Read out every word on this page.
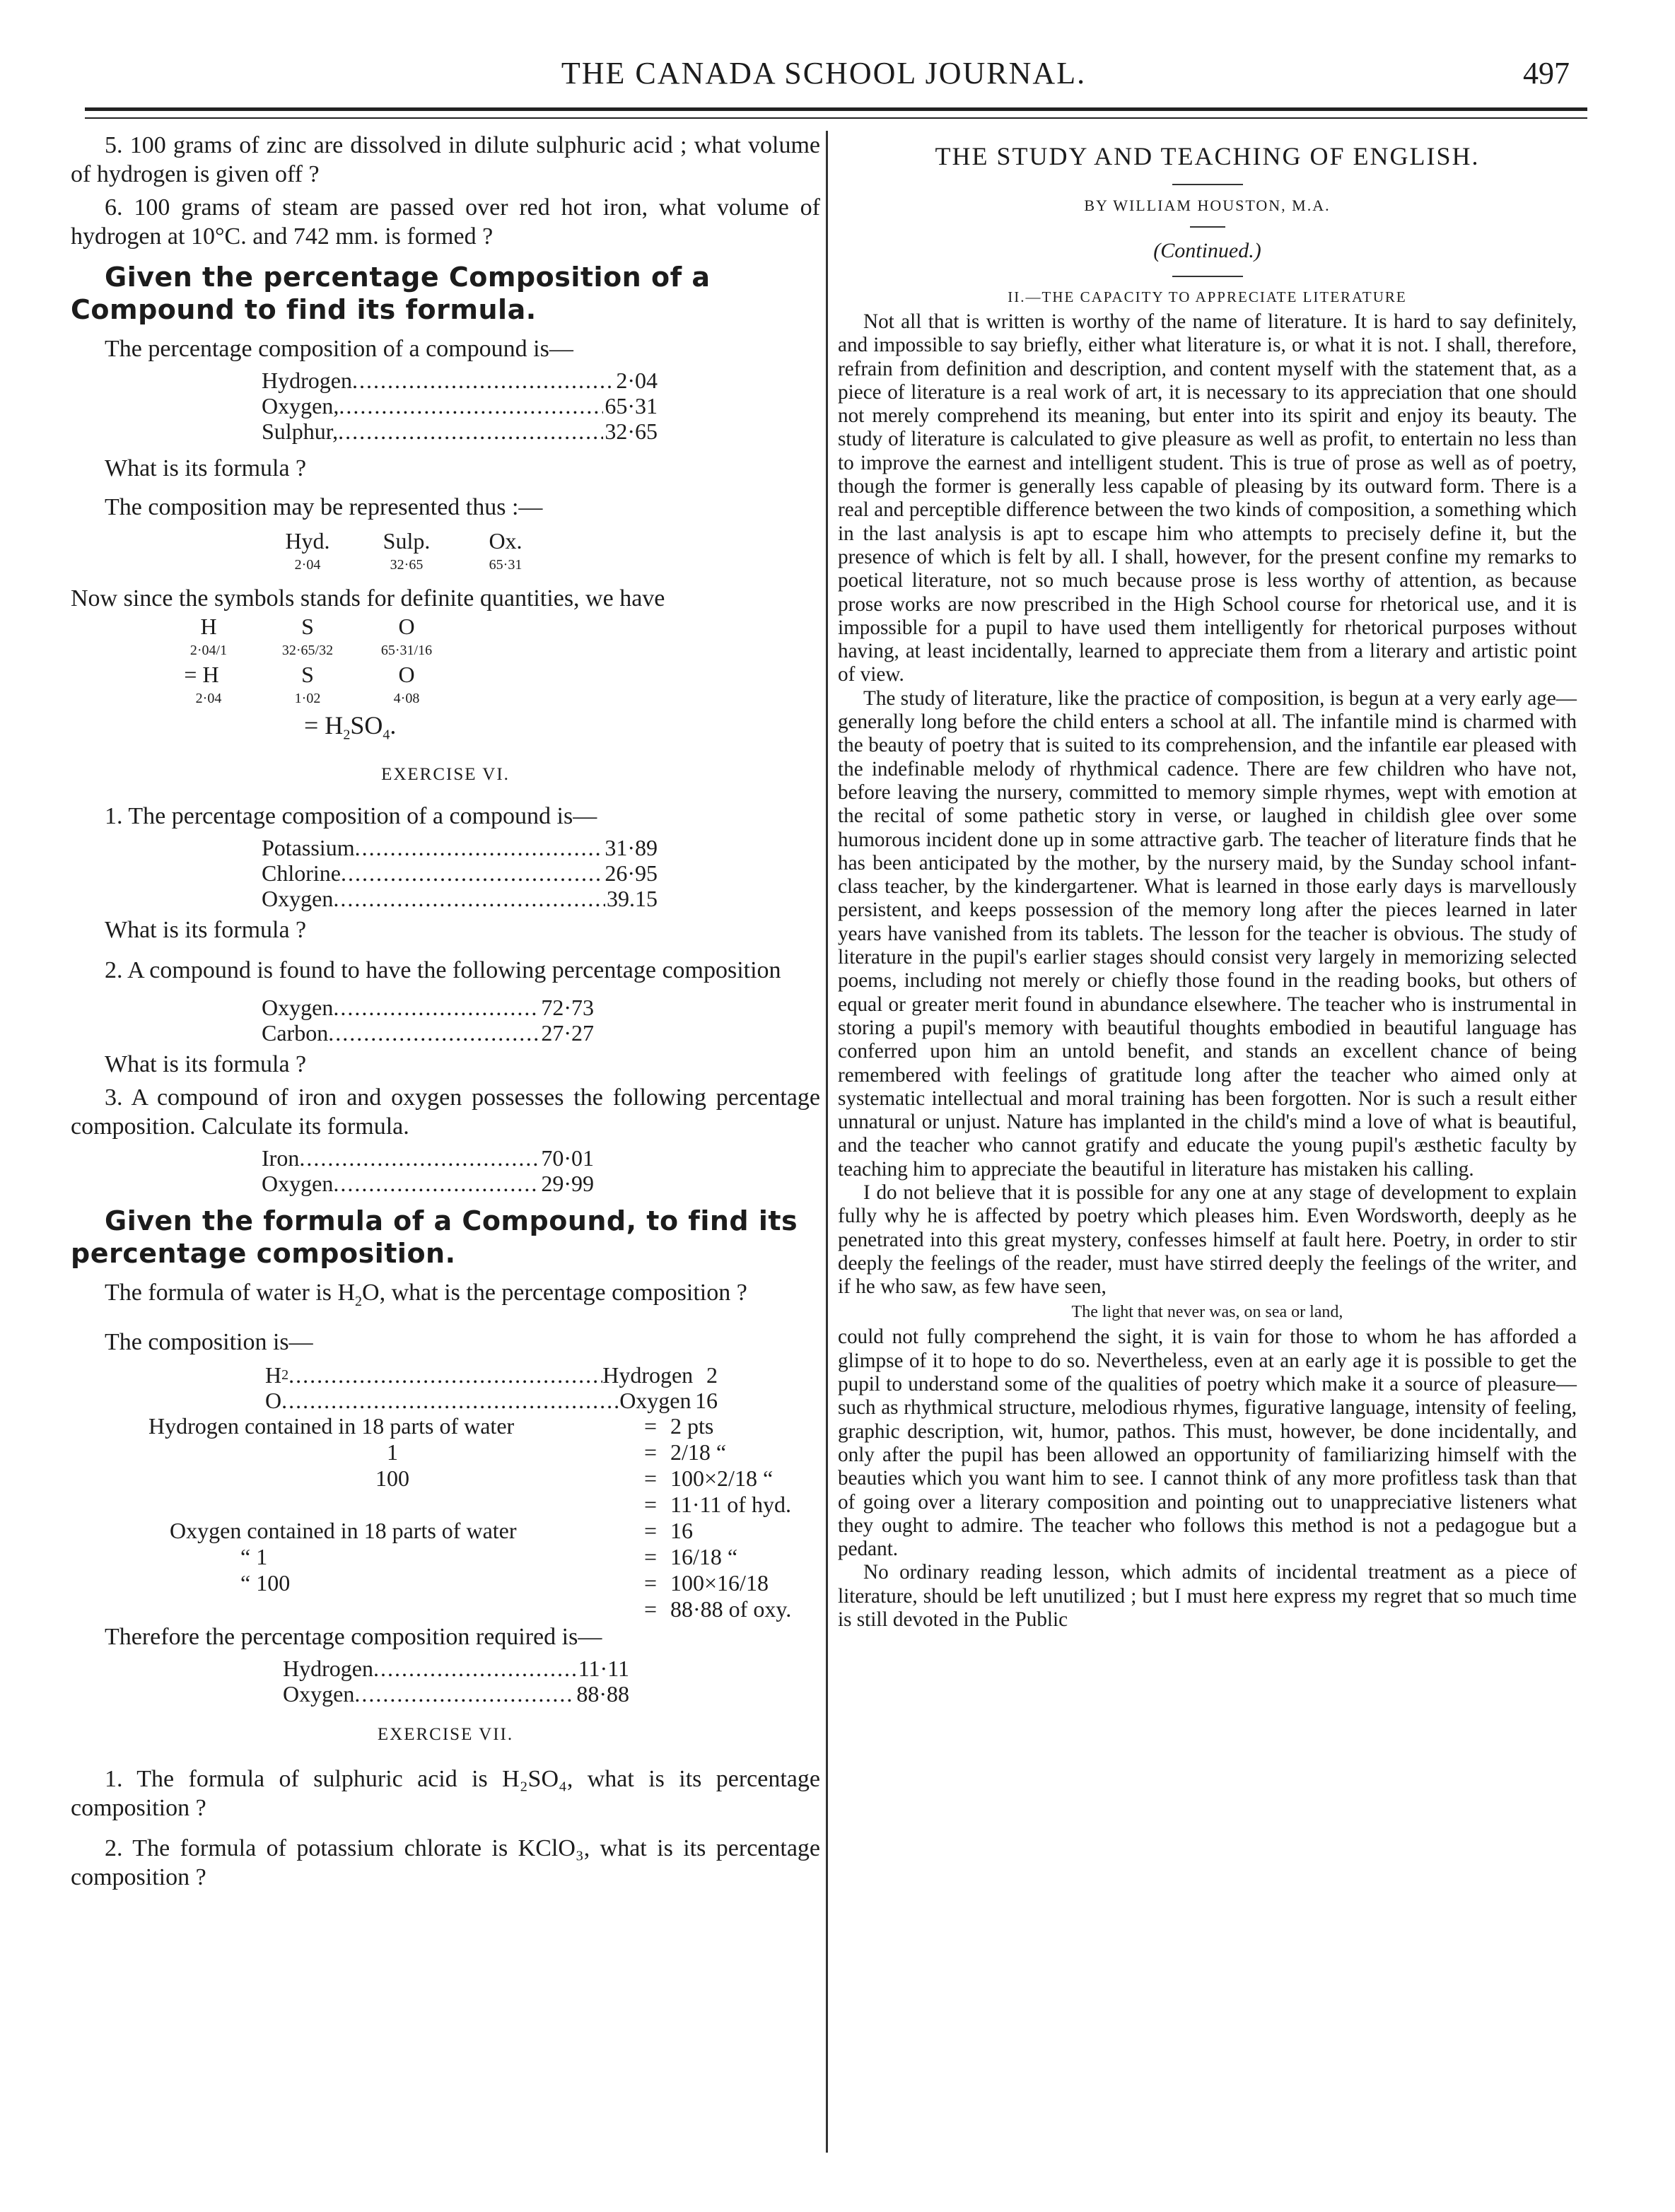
THE CANADA SCHOOL JOURNAL.	497

5. 100 grams of zinc are dissolved in dilute sulphuric acid ; what volume of hydrogen is given off ?

6. 100 grams of steam are passed over red hot iron, what volume of hydrogen at 10°C. and 742 mm. is formed ?

Given the percentage Composition of a Compound to find its formula.

The percentage composition of a compound is—

Hydrogen .....	2·04
Oxygen, .....	65·31
Sulphur, .....	32·65

What is its formula ?

The composition may be represented thus :—

Hyd.	Sulp.	Ox.
2·04	32·65	65·31

Now since the symbols stands for definite quantities, we have

H	S	O
2·04/1	32·65/32	65·31/16
= H	S	O
2·04	1·02	4·08
= $H_2SO_4$.
EXERCISE VI.

1. The percentage composition of a compound is—

Potassium .....	31·89
Chlorine .....	26·95
Oxygen .....	39.15

What is its formula ?

2. A compound is found to have the following percentage composition

Oxygen .....	72·73
Carbon .....	27·27

What is its formula ?

3. A compound of iron and oxygen possesses the following percentage composition. Calculate its formula.

Iron .....	70·01
Oxygen .....	29·99
Given the formula of a Compound, to find its percentage composition.

The formula of water is $H_2O$, what is the percentage composition ?

The composition is—

H 2 .....	Hydrogen 2
O .....	Oxygen 16
Hydrogen contained in 18 parts of water	= 2 pts
1	= 2/18 “
100	= 100×2/18 “
= 11·11 of hyd.
Oxygen contained in 18 parts of water	= 16
“ 1	= 16/18 “
“ 100	= 100×16/18
= 88·88 of oxy.

Therefore the percentage composition required is—

Hydrogen .....	11·11
Oxygen .....	88·88
EXERCISE VII.

1. The formula of sulphuric acid is H₂SO₄, what is its percentage composition ?

2. The formula of potassium chlorate is KClO₃, what is its percentage composition ?

THE STUDY AND TEACHING OF ENGLISH.
BY WILLIAM HOUSTON, M.A.
(Continued.)
II.—THE CAPACITY TO APPRECIATE LITERATURE

Not all that is written is worthy of the name of literature. It is hard to say definitely, and impossible to say briefly, either what literature is, or what it is not. I shall, therefore, refrain from definition and description, and content myself with the statement that, as a piece of literature is a real work of art, it is necessary to its appreciation that one should not merely comprehend its meaning, but enter into its spirit and enjoy its beauty. The study of literature is calculated to give pleasure as well as profit, to entertain no less than to improve the earnest and intelligent student. This is true of prose as well as of poetry, though the former is generally less capable of pleasing by its outward form. There is a real and perceptible difference between the two kinds of composition, a something which in the last analysis is apt to escape him who attempts to precisely define it, but the presence of which is felt by all. I shall, however, for the present confine my remarks to poetical literature, not so much because prose is less worthy of attention, as because prose works are now prescribed in the High School course for rhetorical use, and it is impossible for a pupil to have used them intelligently for rhetorical purposes without having, at least incidentally, learned to appreciate them from a literary and artistic point of view.

The study of literature, like the practice of composition, is begun at a very early age—generally long before the child enters a school at all. The infantile mind is charmed with the beauty of poetry that is suited to its comprehension, and the infantile ear pleased with the indefinable melody of rhythmical cadence. There are few children who have not, before leaving the nursery, committed to memory simple rhymes, wept with emotion at the recital of some pathetic story in verse, or laughed in childish glee over some humorous incident done up in some attractive garb. The teacher of literature finds that he has been anticipated by the mother, by the nursery maid, by the Sunday school infant-class teacher, by the kindergartener. What is learned in those early days is marvellously persistent, and keeps possession of the memory long after the pieces learned in later years have vanished from its tablets. The lesson for the teacher is obvious. The study of literature in the pupil's earlier stages should consist very largely in memorizing selected poems, including not merely or chiefly those found in the reading books, but others of equal or greater merit found in abundance elsewhere. The teacher who is instrumental in storing a pupil's memory with beautiful thoughts embodied in beautiful language has conferred upon him an untold benefit, and stands an excellent chance of being remembered with feelings of gratitude long after the teacher who aimed only at systematic intellectual and moral training has been forgotten. Nor is such a result either unnatural or unjust. Nature has implanted in the child's mind a love of what is beautiful, and the teacher who cannot gratify and educate the young pupil's æsthetic faculty by teaching him to appreciate the beautiful in literature has mistaken his calling.

I do not believe that it is possible for any one at any stage of development to explain fully why he is affected by poetry which pleases him. Even Wordsworth, deeply as he penetrated into this great mystery, confesses himself at fault here. Poetry, in order to stir deeply the feelings of the reader, must have stirred deeply the feelings of the writer, and if he who saw, as few have seen,

The light that never was, on sea or land,

could not fully comprehend the sight, it is vain for those to whom he has afforded a glimpse of it to hope to do so. Nevertheless, even at an early age it is possible to get the pupil to understand some of the qualities of poetry which make it a source of pleasure—such as rhythmical structure, melodious rhymes, figurative language, intensity of feeling, graphic description, wit, humor, pathos. This must, however, be done incidentally, and only after the pupil has been allowed an opportunity of familiarizing himself with the beauties which you want him to see. I cannot think of any more profitless task than that of going over a literary composition and pointing out to unappreciative listeners what they ought to admire. The teacher who follows this method is not a pedagogue but a pedant.

No ordinary reading lesson, which admits of incidental treatment as a piece of literature, should be left unutilized ; but I must here express my regret that so much time is still devoted in the Public
